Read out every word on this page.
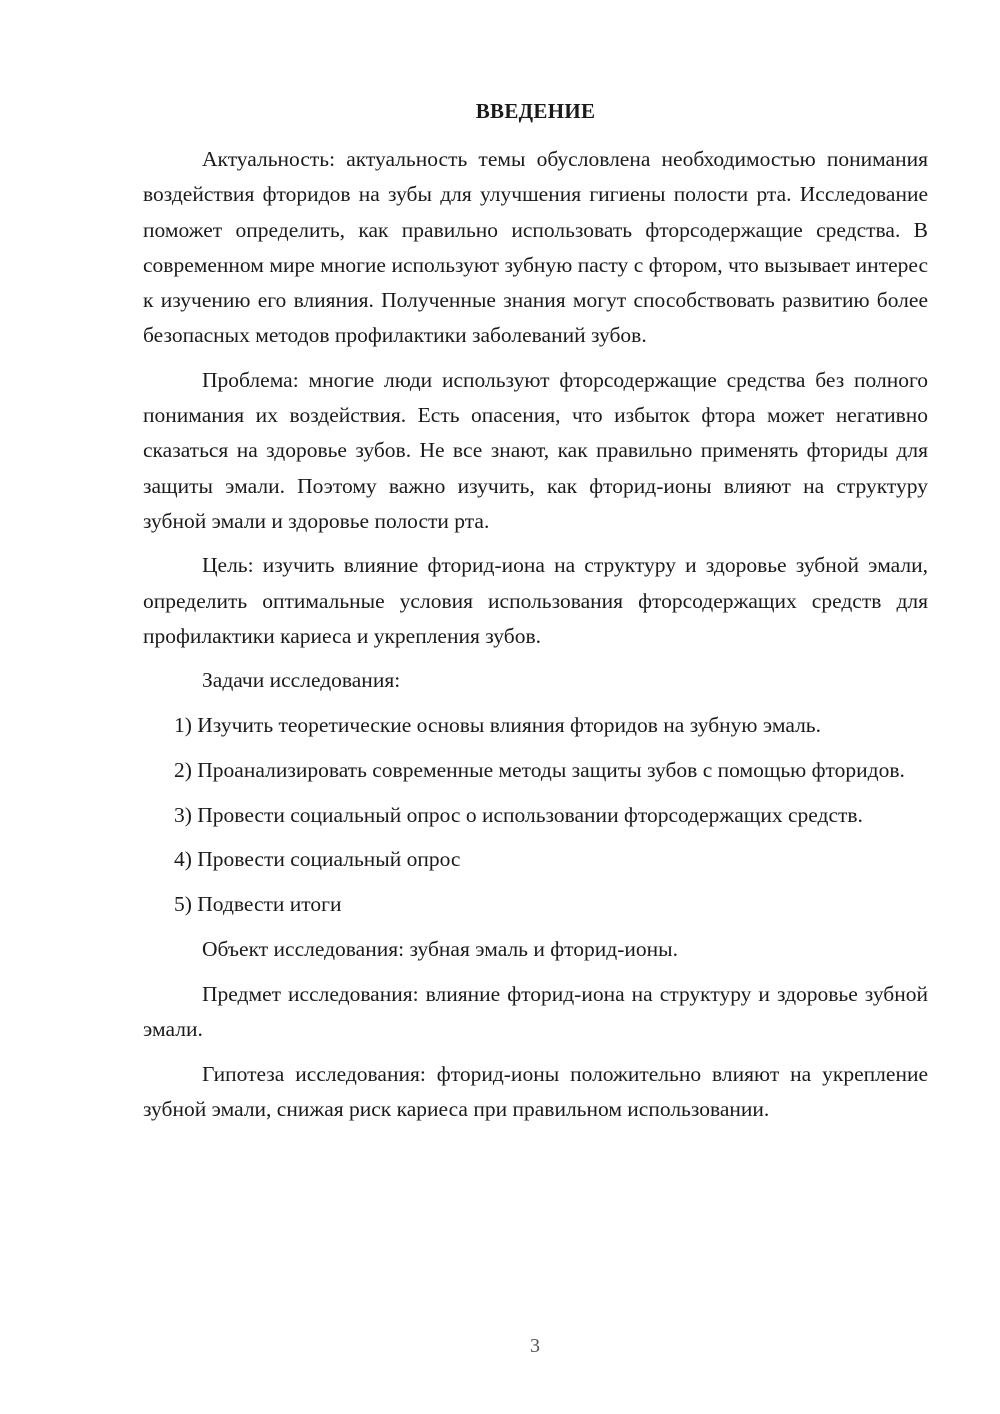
ВВЕДЕНИЕ

Актуальность: актуальность темы обусловлена необходимостью понимания воздействия фторидов на зубы для улучшения гигиены полости рта. Исследование поможет определить, как правильно использовать фторсодержащие средства. В современном мире многие используют зубную пасту с фтором, что вызывает интерес к изучению его влияния. Полученные знания могут способствовать развитию более безопасных методов профилактики заболеваний зубов.

Проблема: многие люди используют фторсодержащие средства без полного понимания их воздействия. Есть опасения, что избыток фтора может негативно сказаться на здоровье зубов. Не все знают, как правильно применять фториды для защиты эмали. Поэтому важно изучить, как фторид-ионы влияют на структуру зубной эмали и здоровье полости рта.

Цель: изучить влияние фторид-иона на структуру и здоровье зубной эмали, определить оптимальные условия использования фторсодержащих средств для профилактики кариеса и укрепления зубов.

Задачи исследования:

1) Изучить теоретические основы влияния фторидов на зубную эмаль.

2) Проанализировать современные методы защиты зубов с помощью фторидов.

3) Провести социальный опрос о использовании фторсодержащих средств.

4) Провести социальный опрос

5) Подвести итоги

Объект исследования: зубная эмаль и фторид-ионы.

Предмет исследования: влияние фторид-иона на структуру и здоровье зубной эмали.

Гипотеза исследования: фторид-ионы положительно влияют на укрепление зубной эмали, снижая риск кариеса при правильном использовании.

3
